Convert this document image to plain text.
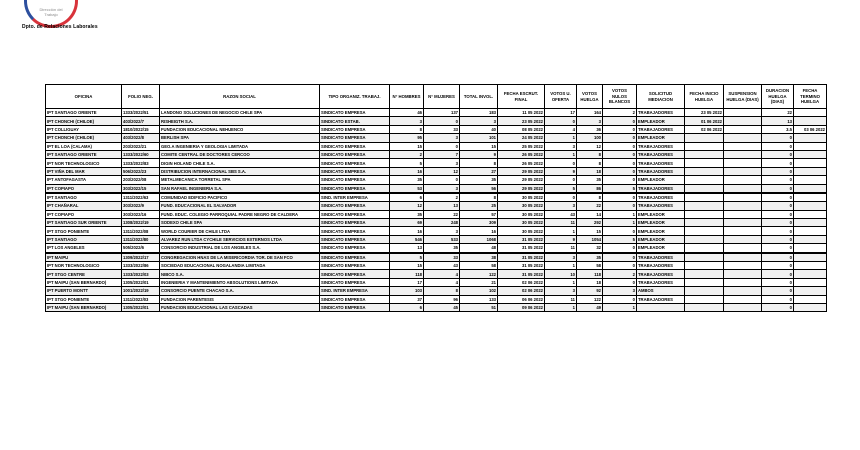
Dirección del
Trabajo
Dpto. de Relaciones Laborales
OFICINA	FOLIO NEG.	RAZON SOCIAL	TIPO ORGANIZ. TRABAJ.	N° HOMBRES	N° MUJERES	TOTAL INVOL.	FECHA ESCRUT. FINAL	VOTOS U. OFERTA	VOTOS HUELGA	VOTOS NULOS BLANCOS	SOLICITUD MEDIACION	FECHA INICIO HUELGA	SUSPENSION HUELGA (DIAS)	DURACION HUELGA (DIAS)	FECHA TERMINO HUELGA
IPT SANTIAGO ORIENTE	1333/2022/51	LANDONO SOLUCIONES DE NEGOCIO CHILE SPA	SINDICATO EMPRESA	46	137	183	11 05 2022	17	164	2	TRABAJADORES	23 05 2022		22	
IPT CHONCHI (CHILOE)	403/2022/7	RISHEIGTH S.A.	SINDICATO ESTAB.	3	0	3	23 05 2022	0	3	0	EMPLEADOR	01 06 2022		13	
IPT COLLIGUAY	1810/2022/15	FUNDACION EDUCACIONAL NEHUENCO	SINDICATO EMPRESA	8	33	40	08 05 2022	4	36	0	TRABAJADORES	02 06 2022		3.5	03 06 2022
IPT CHONCHI (CHILOE)	403/2022/8	BERLISH SPA	SINDICATO EMPRESA	95	3	101	24 05 2022	1	100	0	EMPLEADOR			0	
IPT EL LOA (CALAMA)	203/2022/21	GEO.A INGENIERIA Y GEOLOGIA LIMITADA	SINDICATO EMPRESA	15	0	15	25 05 2022	3	12	0	TRABAJADORES			0	
IPT SANTIAGO ORIENTE	1333/2022/60	COMITE CENTRAL DE DOCTORES CERCOO	SINDICATO EMPRESA	2	7	9	26 05 2022	1	8	0	TRABAJADORES			0	
IPT NOR TECHNOLOGICO	1333/2022/83	DIGIN HOLAND CHILE S.A.	SINDICATO EMPRESA	5	3	8	26 05 2022	0	8	0	TRABAJADORES			0	
IPT VIÑA DEL MAR	506/2022/23	DISTRIBUCION INTERNACIONAL SBS S.A.	SINDICATO EMPRESA	16	12	27	29 05 2022	9	18	0	TRABAJADORES			0	
IPT ANTOFAGASTA	203/2022/08	METALMECANICA TORRETAL SPA	SINDICATO EMPRESA	35	0	35	29 05 2022	0	35	0	EMPLEADOR			0	
IPT COPIAPO	303/2022/15	SAN RAFAEL INGENIERIA S.A.	SINDICATO EMPRESA	53	3	56	29 05 2022	5	86	5	TRABAJADORES			0	
IPT SANTIAGO	1311/2022/63	COMUNIDAD EDIFICIO PACIFICO	SIND. INTER EMPRESA	6	2	8	30 05 2022	0	8	0	TRABAJADORES			0	
IPT CHAÑARAL	303/2022/9	FUND. EDUCACIONAL EL SALVADOR	SINDICATO EMPRESA	12	13	25	30 05 2022	3	22	0	TRABAJADORES			0	
IPT COPIAPO	303/2022/16	FUND. EDUC. COLEGIO PARROQUIAL PADRE NEGRO DE CALDERA	SINDICATO EMPRESA	35	22	57	30 05 2022	43	14	1	EMPLEADOR			0	
IPT SANTIAGO SUR ORIENTE	1308/2022/19	SODEXO CHILE SPA	SINDICATO EMPRESA	69	248	309	30 05 2022	11	292	1	EMPLEADOR			0	
IPT STGO PONIENTE	1311/2022/08	WORLD COURIER DE CHILE LTDA	SINDICATO EMPRESA	16	3	16	30 05 2022	1	15	0	EMPLEADOR			0	
IPT SANTIAGO	1311/2022/80	ALVAREZ RUN LTDA CYCHILE SERVICIOS EXTERNOS LTDA	SINDICATO EMPRESA	546	533	1068	31 05 2022	9	1054	5	EMPLEADOR			0	
IPT LOS ANGELES	505/2022/6	CONSORCIO INDUSTRIAL DE LOS ANGELES S.A.	SINDICATO EMPRESA	13	35	48	31 05 2022	11	32	0	EMPLEADOR			0	
IPT MAIPU	1309/2022/17	CONGREGACION HNAS DE LA MISERICORDIA TOR. DE SAN FCO	SINDICATO EMPRESA	5	33	38	31 05 2022	3	35	0	TRABAJADORES			0	
IPT NOR TECHNOLOGICO	1333/2022/86	SOCIEDAD EDUCACIONAL NOGALANDIA LIMITADA	SINDICATO EMPRESA	15	43	58	31 05 2022	1	58	0	TRABAJADORES			0	
IPT STGO CENTRE	1333/2022/03	NIBCO S.A.	SINDICATO EMPRESA	118	4	122	31 05 2022	10	118	2	TRABAJADORES			0	
IPT MAIPU (SAN BERNARDO)	1305/2022/01	INGENIERIA Y MANTENIMIENTO ABSOLUTIONS LIMITADA	SINDICATO EMPRESA	17	4	21	02 06 2022	1	18	0	TRABAJADORES			0	
IPT PUERTO MONTT	1001/2022/19	CONSORCIO PUENTE CHACAO S.A.	SIND. INTER EMPRESA	103	8	102	02 06 2022	3	92	3	AMBOS			0	
IPT STGO PONIENTE	1311/2022/03	FUNDACION PARENTESIS	SINDICATO EMPRESA	37	96	133	06 06 2022	11	122	0	TRABAJADORES			0	
IPT MAIPU (SAN BERNARDO)	1305/2022/01	FUNDACION EDUCACIONAL LAS CASCADAS	SINDICATO EMPRESA	6	45	51	09 06 2022	1	49	1				0	
